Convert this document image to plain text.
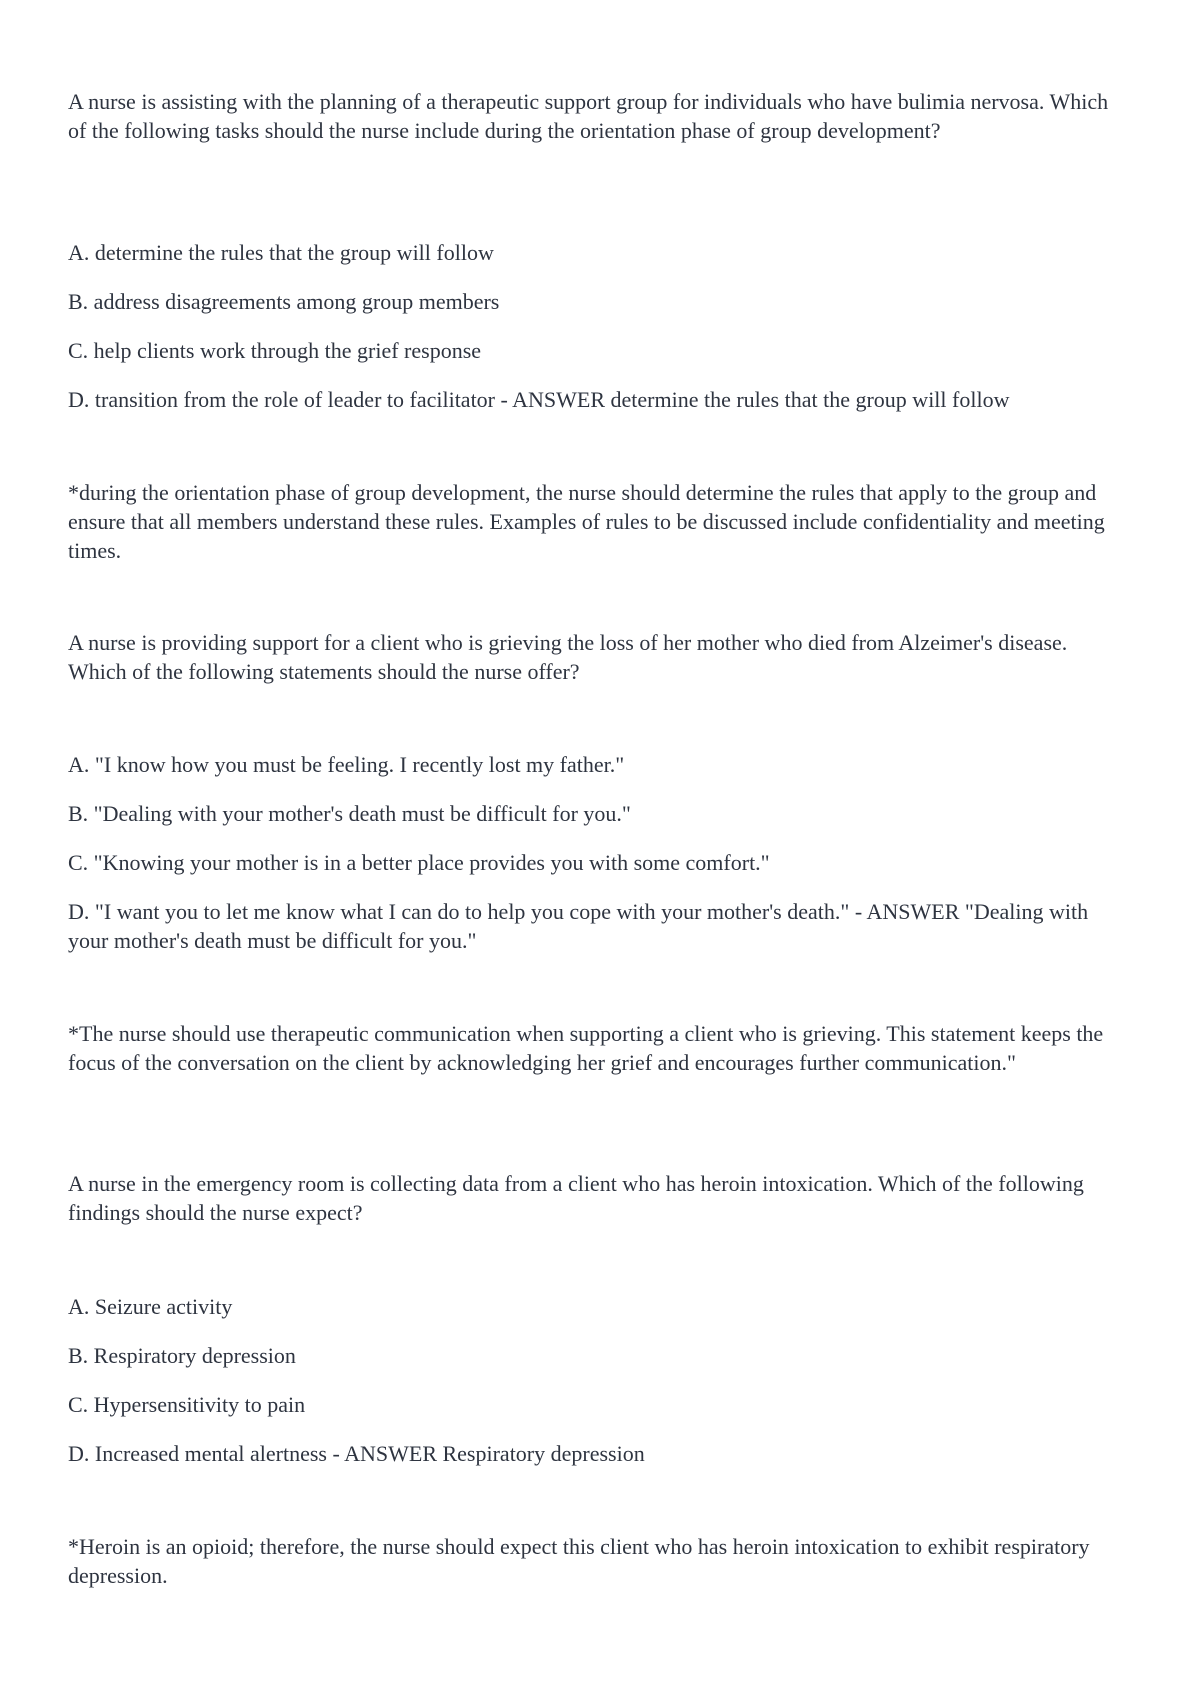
A nurse is assisting with the planning of a therapeutic support group for individuals who have bulimia nervosa. Which of the following tasks should the nurse include during the orientation phase of group development?

A. determine the rules that the group will follow

B. address disagreements among group members

C. help clients work through the grief response

D. transition from the role of leader to facilitator - ANSWER determine the rules that the group will follow

*during the orientation phase of group development, the nurse should determine the rules that apply to the group and ensure that all members understand these rules. Examples of rules to be discussed include confidentiality and meeting times.

A nurse is providing support for a client who is grieving the loss of her mother who died from Alzeimer's disease. Which of the following statements should the nurse offer?

A. "I know how you must be feeling. I recently lost my father."

B. "Dealing with your mother's death must be difficult for you."

C. "Knowing your mother is in a better place provides you with some comfort."

D. "I want you to let me know what I can do to help you cope with your mother's death." - ANSWER "Dealing with your mother's death must be difficult for you."

*The nurse should use therapeutic communication when supporting a client who is grieving. This statement keeps the focus of the conversation on the client by acknowledging her grief and encourages further communication."

A nurse in the emergency room is collecting data from a client who has heroin intoxication. Which of the following findings should the nurse expect?

A. Seizure activity

B. Respiratory depression

C. Hypersensitivity to pain

D. Increased mental alertness - ANSWER Respiratory depression

*Heroin is an opioid; therefore, the nurse should expect this client who has heroin intoxication to exhibit respiratory depression.
